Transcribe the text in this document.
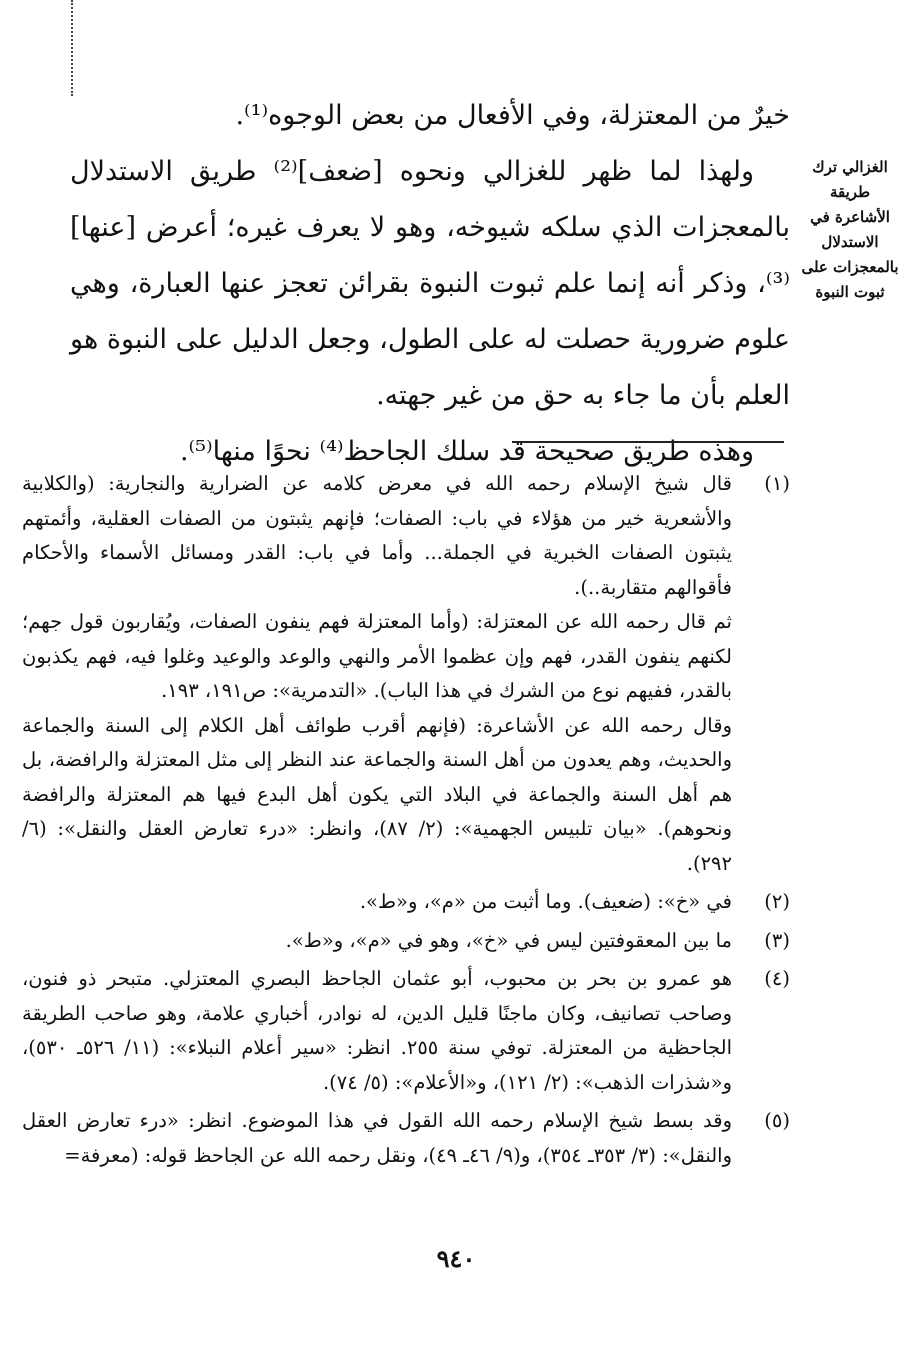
خيرٌ من المعتزلة، وفي الأفعال من بعض الوجوه⁽¹⁾.

ولهذا لما ظهر للغزالي ونحوه [ضعف]⁽²⁾ طريق الاستدلال بالمعجزات الذي سلكه شيوخه، وهو لا يعرف غيره؛ أعرض [عنها]⁽³⁾، وذكر أنه إنما علم ثبوت النبوة بقرائن تعجز عنها العبارة، وهي علوم ضرورية حصلت له على الطول، وجعل الدليل على النبوة هو العلم بأن ما جاء به حق من غير جهته.

وهذه طريق صحيحة قد سلك الجاحظ⁽⁴⁾ نحوًا منها⁽⁵⁾.

الغزالي ترك طريقة الأشاعرة في الاستدلال بالمعجزات على ثبوت النبوة
(١)

قال شيخ الإسلام رحمه الله في معرض كلامه عن الضرارية والنجارية: (والكلابية والأشعرية خير من هؤلاء في باب: الصفات؛ فإنهم يثبتون من الصفات العقلية، وأئمتهم يثبتون الصفات الخبرية في الجملة... وأما في باب: القدر ومسائل الأسماء والأحكام فأقوالهم متقاربة..).

ثم قال رحمه الله عن المعتزلة: (وأما المعتزلة فهم ينفون الصفات، ويُقاربون قول جهم؛ لكنهم ينفون القدر، فهم وإن عظموا الأمر والنهي والوعد والوعيد وغلوا فيه، فهم يكذبون بالقدر، ففيهم نوع من الشرك في هذا الباب). «التدمرية»: ص١٩١، ١٩٣.

وقال رحمه الله عن الأشاعرة: (فإنهم أقرب طوائف أهل الكلام إلى السنة والجماعة والحديث، وهم يعدون من أهل السنة والجماعة عند النظر إلى مثل المعتزلة والرافضة، بل هم أهل السنة والجماعة في البلاد التي يكون أهل البدع فيها هم المعتزلة والرافضة ونحوهم). «بيان تلبيس الجهمية»: (٢/ ٨٧)، وانظر: «درء تعارض العقل والنقل»: (٦/ ٢٩٢).

(٢)

في «خ»: (ضعيف). وما أثبت من «م»، و«ط».

(٣)

ما بين المعقوفتين ليس في «خ»، وهو في «م»، و«ط».

(٤)

هو عمرو بن بحر بن محبوب، أبو عثمان الجاحظ البصري المعتزلي. متبحر ذو فنون، وصاحب تصانيف، وكان ماجنًا قليل الدين، له نوادر، أخباري علامة، وهو صاحب الطريقة الجاحظية من المعتزلة. توفي سنة ٢٥٥. انظر: «سير أعلام النبلاء»: (١١/ ٥٢٦ـ ٥٣٠)، و«شذرات الذهب»: (٢/ ١٢١)، و«الأعلام»: (٥/ ٧٤).

(٥)

وقد بسط شيخ الإسلام رحمه الله القول في هذا الموضوع. انظر: «درء تعارض العقل والنقل»: (٣/ ٣٥٣ـ ٣٥٤)، و(٩/ ٤٦ـ ٤٩)، ونقل رحمه الله عن الجاحظ قوله: (معرفة=

٩٤٠
